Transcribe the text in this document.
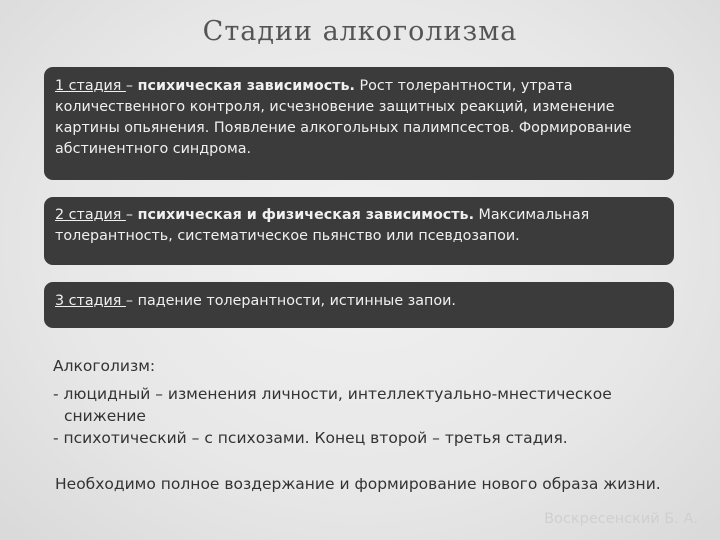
Стадии алкоголизма
1 стадия – психическая зависимость. Рост толерантности, утрата количественного контроля, исчезновение защитных реакций, изменение картины опьянения. Появление алкогольных палимпсестов. Формирование абстинентного синдрома.
2 стадия – психическая и физическая зависимость. Максимальная толерантность, систематическое пьянство или псевдозапои.
3 стадия – падение толерантности, истинные запои.

Алкоголизм:

- люцидный – изменения личности, интеллектуально-мнестическое

снижение

- психотический – с психозами. Конец второй – третья стадия.

Необходимо полное воздержание и формирование нового образа жизни.
Воскресенский Б. А.
